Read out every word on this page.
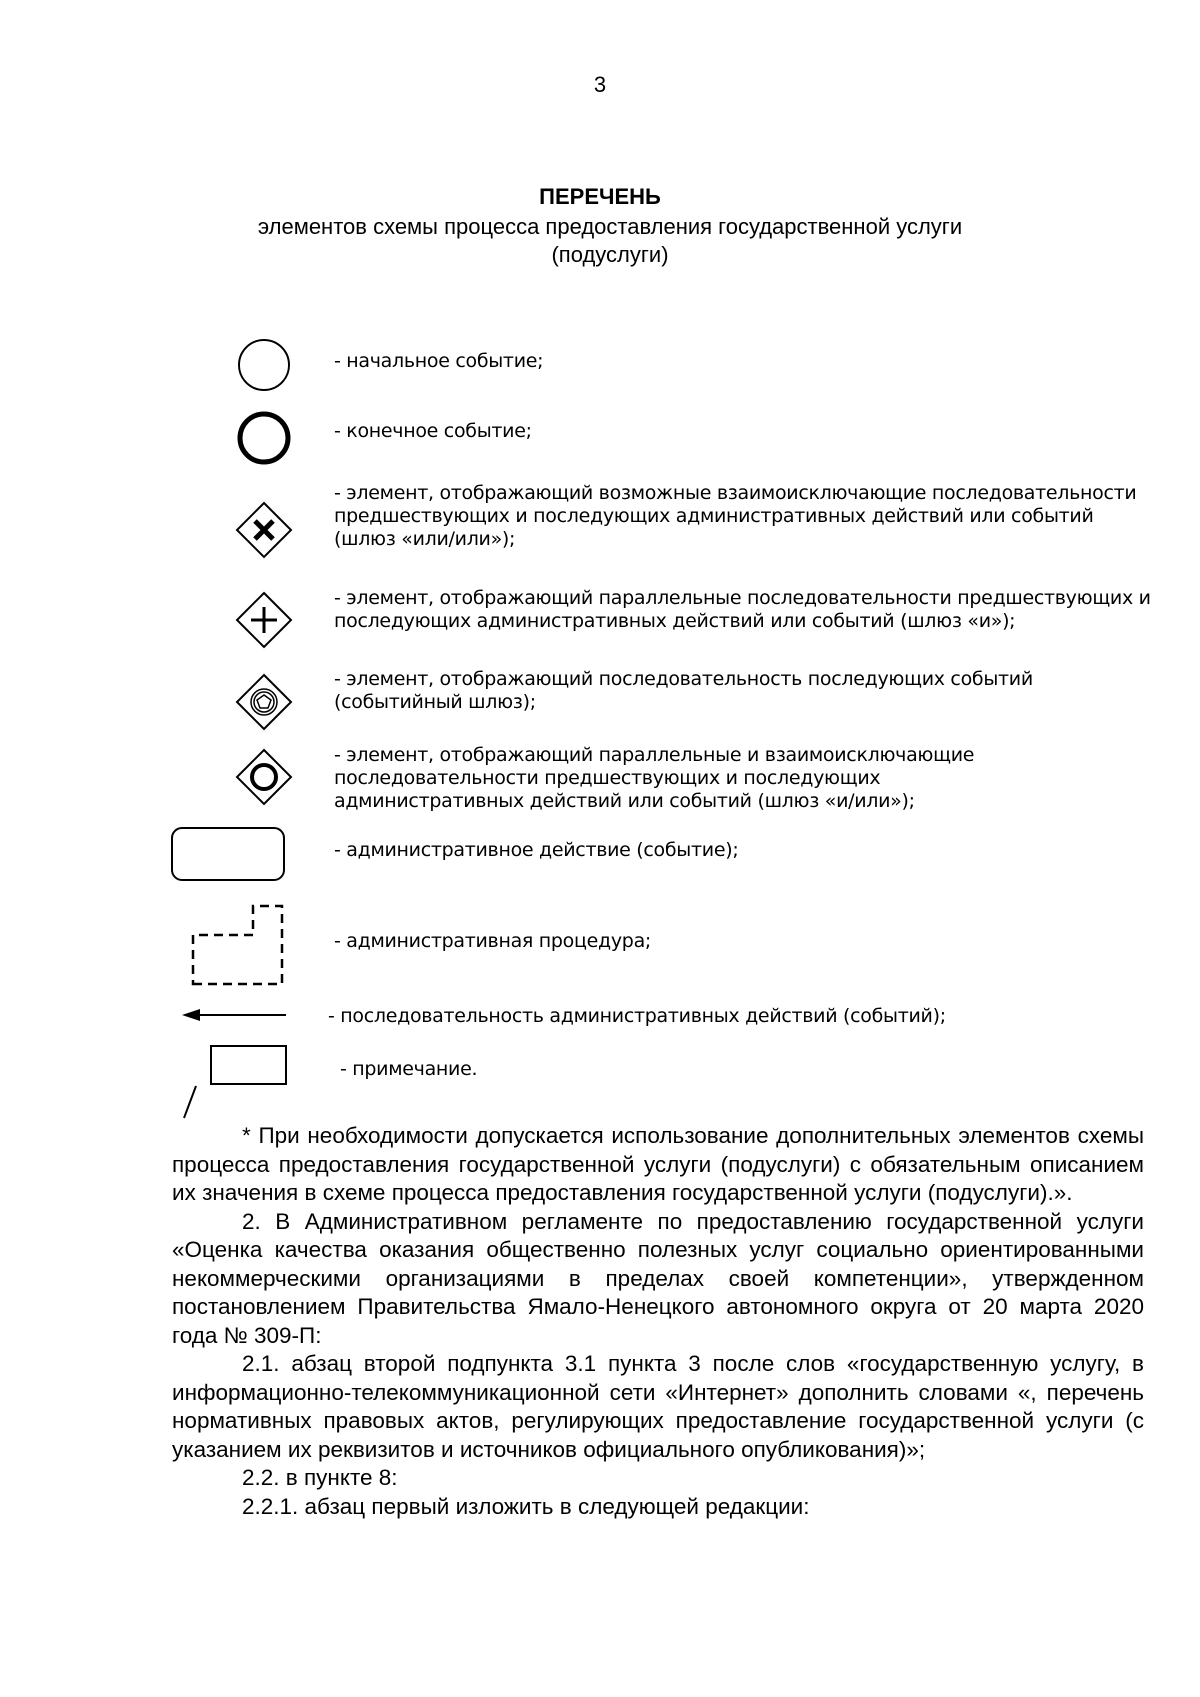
3
ПЕРЕЧЕНЬ
элементов схемы процесса предоставления государственной услуги (подуслуги)
- начальное событие;
- конечное событие;
- элемент, отображающий возможные взаимоисключающие последовательности предшествующих и последующих административных действий или событий (шлюз «или/или»);
- элемент, отображающий параллельные последовательности предшествующих и последующих административных действий или событий (шлюз «и»);
- элемент, отображающий последовательность последующих событий (событийный шлюз);
- элемент, отображающий параллельные и взаимоисключающие последовательности предшествующих и последующих административных действий или событий (шлюз «и/или»);
- административное действие (событие);
- административная процедура;
- последовательность административных действий (событий);
- примечание.

* При необходимости допускается использование дополнительных элементов схемы процесса предоставления государственной услуги (подуслуги) с обязательным описанием их значения в схеме процесса предоставления государственной услуги (подуслуги).».

2. В Административном регламенте по предоставлению государственной услуги «Оценка качества оказания общественно полезных услуг социально ориентированными некоммерческими организациями в пределах своей компетенции», утвержденном постановлением Правительства Ямало-Ненецкого автономного округа от 20 марта 2020 года № 309-П:

2.1. абзац второй подпункта 3.1 пункта 3 после слов «государственную услугу, в информационно-телекоммуникационной сети «Интернет» дополнить словами «, перечень нормативных правовых актов, регулирующих предоставление государственной услуги (с указанием их реквизитов и источников официального опубликования)»;

2.2. в пункте 8:

2.2.1. абзац первый изложить в следующей редакции:
